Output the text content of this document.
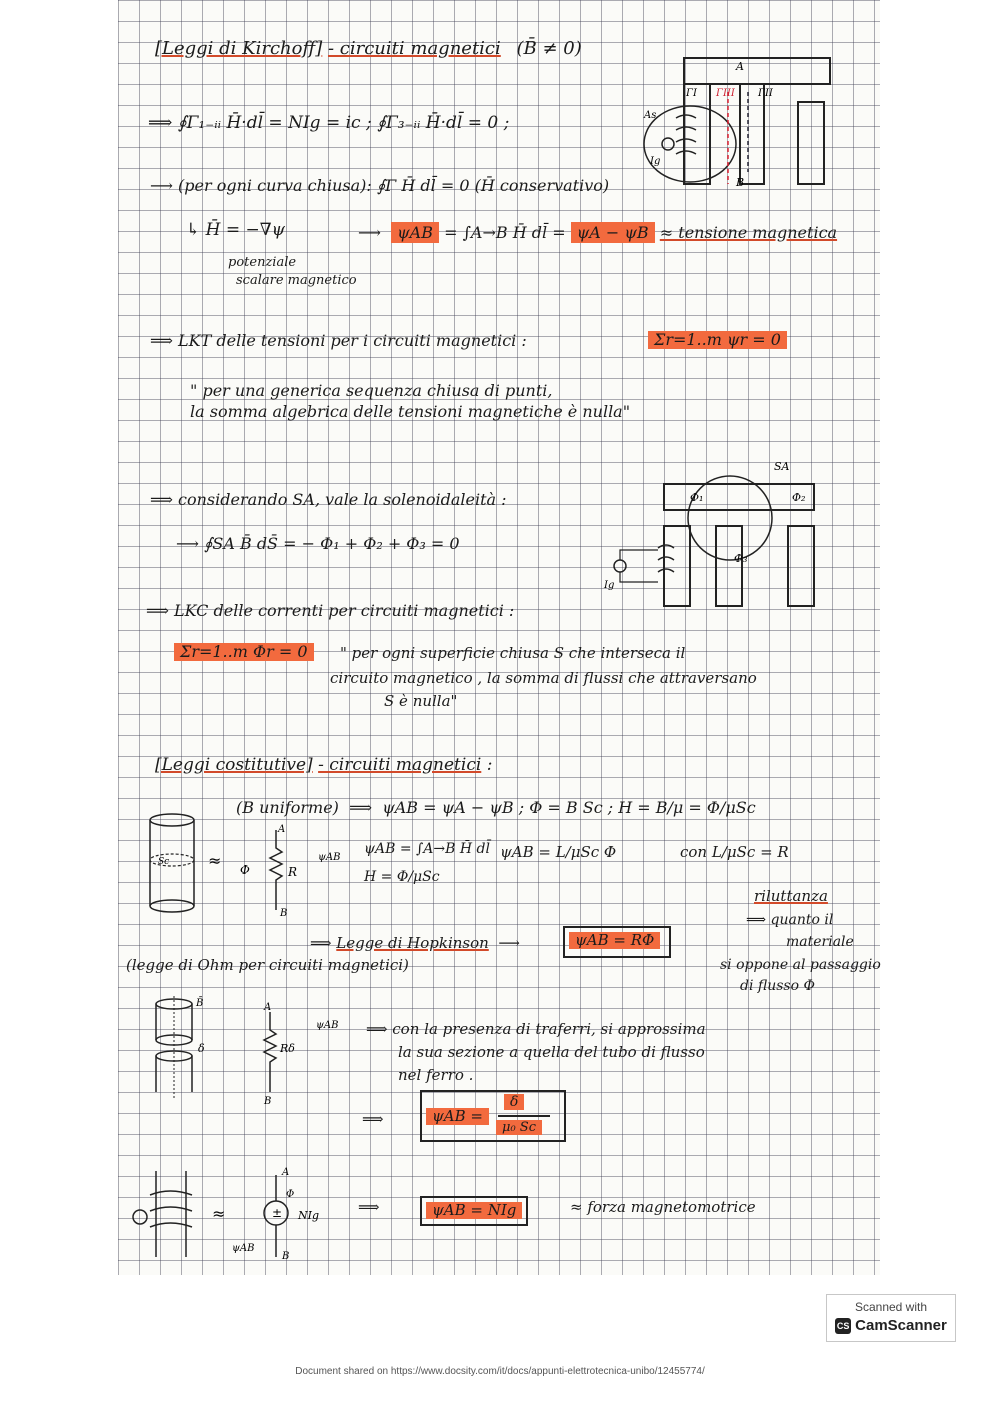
[Leggi di Kirchoff] - circuiti magnetici (B̄ ≠ 0)
⟹ ∮Γ₁₋ᵢᵢ H̄·dl̄ = NIg = ic ; ∮Γ₃₋ᵢᵢ H̄·dl̄ = 0 ;
⟶ (per ogni curva chiusa): ∮Γ H̄ dl̄ = 0 (H̄ conservativo)
↳ H̄ = −∇ψ
potenziale
scalare magnetico
⟶  ψAB = ∫A→B H̄ dl̄ = ψA − ψB ≈ tensione magnetica
⟹ LKT delle tensioni per i circuiti magnetici :	Σr=1..m ψr = 0
" per una generica sequenza chiusa di punti,
la somma algebrica delle tensioni magnetiche è nulla"
⟹ considerando SA, vale la solenoidaleità :
⟶ ∮SA B̄ dS̄ = − Φ₁ + Φ₂ + Φ₃ = 0
⟹ LKC delle correnti per circuiti magnetici :
Σr=1..m Φr = 0	" per ogni superficie chiusa S che interseca il
circuito magnetico , la somma di flussi che attraversano
S è nulla"
[Leggi costitutive] - circuiti magnetici :
(B uniforme)  ⟹  ψAB = ψA − ψB ; Φ = B Sc ; H = B/μ = Φ/μSc
ψAB = ∫A→B H̄ dl̄
H = Φ/μSc
ψAB = L/μSc Φ	con L/μSc = R
riluttanza
⟹ quanto il
materiale
si oppone al passaggio
di flusso Φ
⟹ Legge di Hopkinson  ⟶	ψAB = RΦ
(legge di Ohm per circuiti magnetici)
⟹ con la presenza di traferri, si approssima
la sua sezione a quella del tubo di flusso
nel ferro .
⟹	ψAB =
δ
μ₀ Sc
⟹	ψAB = NIg	≈ forza magnetomotrice
A
B
ΓI ΓIII ΓII
As
Ig
Φ₁	Φ₂
Φ₃
SA
Ig
≈
A
B
R
Φ
ψAB
Sc
δ
B̄
Rδ
A
B
ψAB
≈	± NIg
A
B
Φ
ψAB
Scanned with
CS CamScanner
Document shared on https://www.docsity.com/it/docs/appunti-elettrotecnica-unibo/12455774/
